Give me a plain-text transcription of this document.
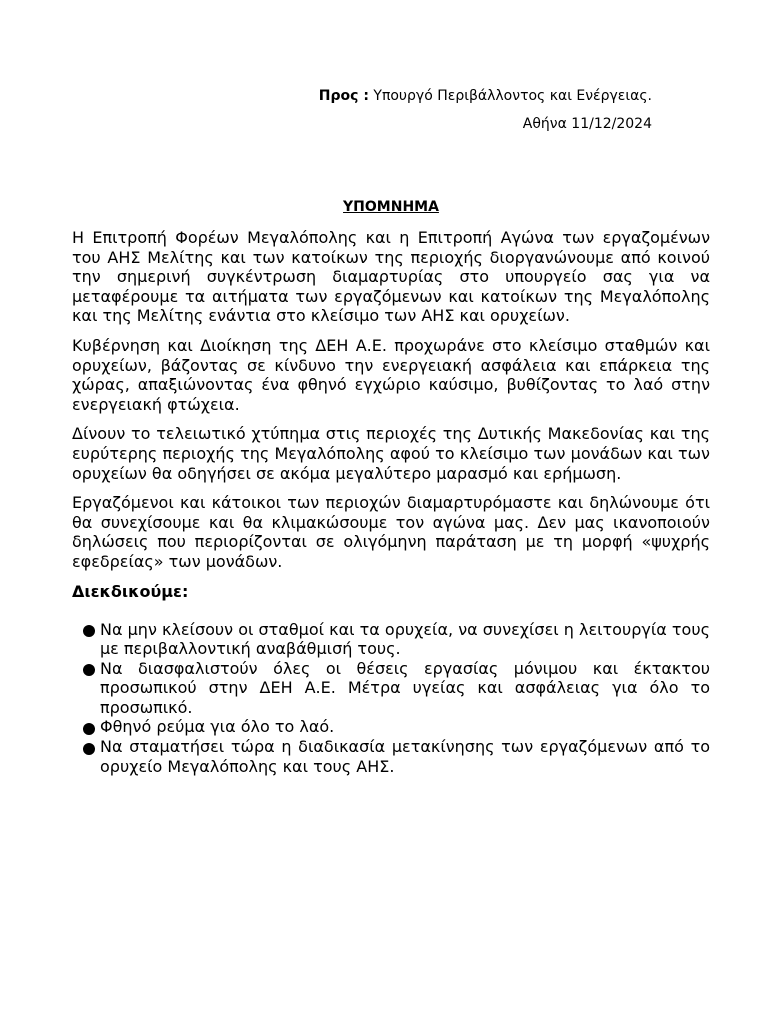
Προς : Υπουργό Περιβάλλοντος και Ενέργειας.
Αθήνα 11/12/2024
ΥΠΟΜΝΗΜΑ

Η Επιτροπή Φορέων Μεγαλόπολης και η Επιτροπή Αγώνα των εργαζομένων του ΑΗΣ Μελίτης και των κατοίκων της περιοχής διοργανώνουμε από κοινού την σημερινή συγκέντρωση διαμαρτυρίας στο υπουργείο σας για να μεταφέρουμε τα αιτήματα των εργαζόμενων και κατοίκων της Μεγαλόπολης και της Μελίτης ενάντια στο κλείσιμο των ΑΗΣ και ορυχείων.

Κυβέρνηση και Διοίκηση της ΔΕΗ Α.Ε. προχωράνε στο κλείσιμο σταθμών και ορυχείων, βάζοντας σε κίνδυνο την ενεργειακή ασφάλεια και επάρκεια της χώρας, απαξιώνοντας ένα φθηνό εγχώριο καύσιμο, βυθίζοντας το λαό στην ενεργειακή φτώχεια.

Δίνουν το τελειωτικό χτύπημα στις περιοχές της Δυτικής Μακεδονίας και της ευρύτερης περιοχής της Μεγαλόπολης αφού το κλείσιμο των μονάδων και των ορυχείων θα οδηγήσει σε ακόμα μεγαλύτερο μαρασμό και ερήμωση.

Εργαζόμενοι και κάτοικοι των περιοχών διαμαρτυρόμαστε και δηλώνουμε ότι θα συνεχίσουμε και θα κλιμακώσουμε τον αγώνα μας. Δεν μας ικανοποιούν δηλώσεις που περιορίζονται σε ολιγόμηνη παράταση με τη μορφή «ψυχρής εφεδρείας» των μονάδων.

Διεκδικούμε:
Να μην κλείσουν οι σταθμοί και τα ορυχεία, να συνεχίσει η λειτουργία τους με περιβαλλοντική αναβάθμισή τους.
Να διασφαλιστούν όλες οι θέσεις εργασίας μόνιμου και έκτακτου προσωπικού στην ΔΕΗ Α.Ε. Μέτρα υγείας και ασφάλειας για όλο το προσωπικό.
Φθηνό ρεύμα για όλο το λαό.
Να σταματήσει τώρα η διαδικασία μετακίνησης των εργαζόμενων από το ορυχείο Μεγαλόπολης και τους ΑΗΣ.
